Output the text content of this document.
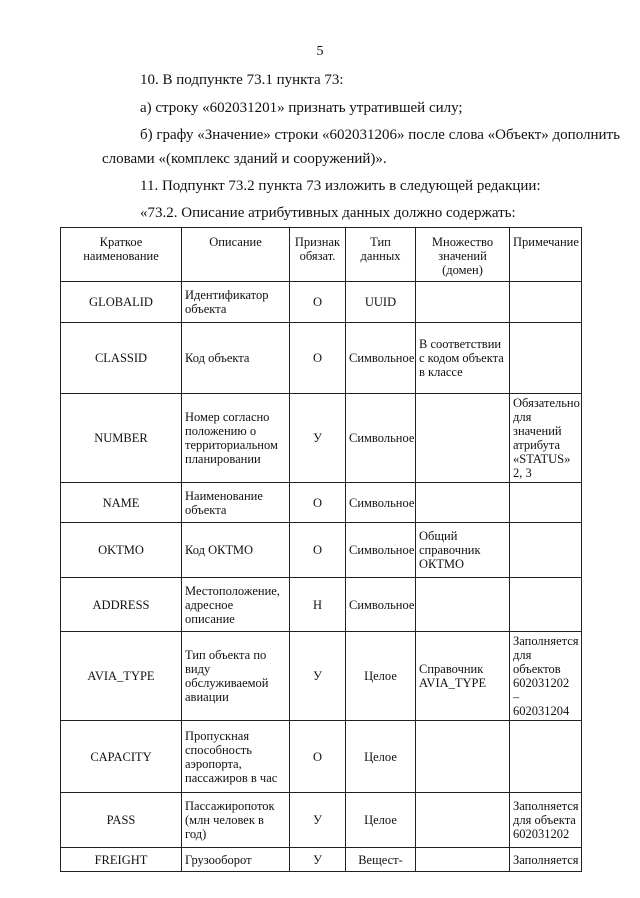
5
10. В подпункте 73.1 пункта 73:
а) строку «602031201» признать утратившей силу;
б) графу «Значение» строки «602031206» после слова «Объект» дополнить
словами «(комплекс зданий и сооружений)».
11. Подпункт 73.2 пункта 73 изложить в следующей редакции:
«73.2. Описание атрибутивных данных должно содержать:
Краткое наименование	Описание	Признак обязат.	Тип данных	Множество значений (домен)	Примечание
GLOBALID	Идентификатор объекта	О	UUID		
CLASSID	Код объекта	О	Символьное	В соответствии с кодом объекта в классе	
NUMBER	Номер согласно положению о территориальном планировании	У	Символьное		Обязательно для значений атрибута «STATUS» 2, 3
NAME	Наименование объекта	О	Символьное		
OKTMO	Код ОКТМО	О	Символьное	Общий справочник ОКТМО	
ADDRESS	Местоположение, адресное описание	Н	Символьное		
AVIA_TYPE	Тип объекта по виду обслуживаемой авиации	У	Целое	Справочник AVIA_TYPE	Заполняется для объектов 602031202 – 602031204
CAPACITY	Пропускная способность аэропорта, пассажиров в час	О	Целое		
PASS	Пассажиропоток (млн человек в год)	У	Целое		Заполняется для объекта 602031202
FREIGHT	Грузооборот	У	Вещест-		Заполняется
